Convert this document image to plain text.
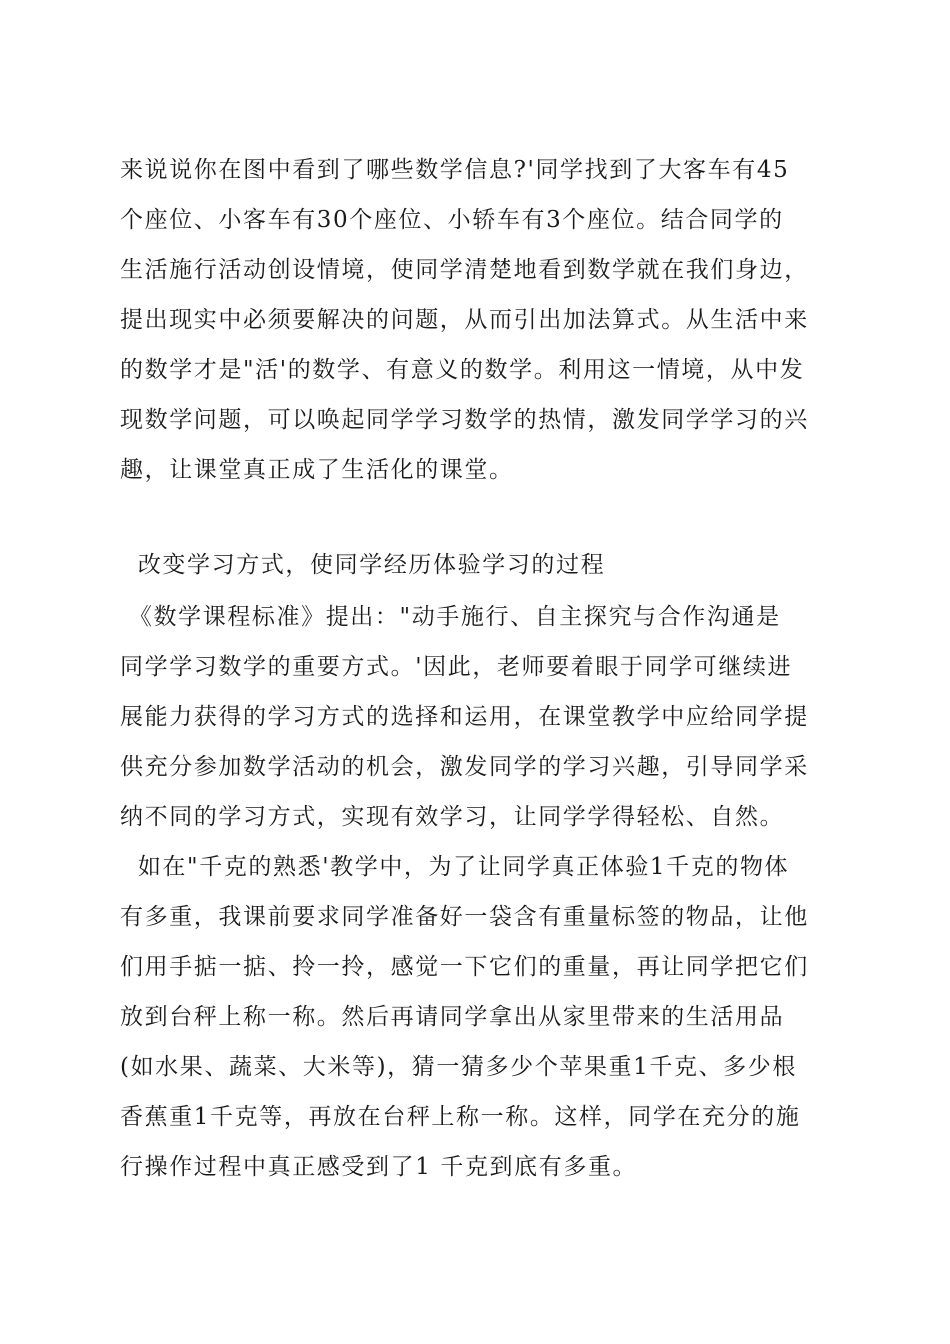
来说说你在图中看到了哪些数学信息?'同学找到了大客车有45
个座位、小客车有30个座位、小轿车有3个座位。结合同学的
生活施行活动创设情境，使同学清楚地看到数学就在我们身边，
提出现实中必须要解决的问题，从而引出加法算式。从生活中来
的数学才是"活'的数学、有意义的数学。利用这一情境，从中发
现数学问题，可以唤起同学学习数学的热情，激发同学学习的兴
趣，让课堂真正成了生活化的课堂。
改变学习方式，使同学经历体验学习的过程
《数学课程标准》提出："动手施行、自主探究与合作沟通是
同学学习数学的重要方式。'因此，老师要着眼于同学可继续进
展能力获得的学习方式的选择和运用，在课堂教学中应给同学提
供充分参加数学活动的机会，激发同学的学习兴趣，引导同学采
纳不同的学习方式，实现有效学习，让同学学得轻松、自然。
如在"千克的熟悉'教学中，为了让同学真正体验1千克的物体
有多重，我课前要求同学准备好一袋含有重量标签的物品，让他
们用手掂一掂、拎一拎，感觉一下它们的重量，再让同学把它们
放到台秤上称一称。然后再请同学拿出从家里带来的生活用品
(如水果、蔬菜、大米等)，猜一猜多少个苹果重1千克、多少根
香蕉重1千克等，再放在台秤上称一称。这样，同学在充分的施
行操作过程中真正感受到了1 千克到底有多重。
